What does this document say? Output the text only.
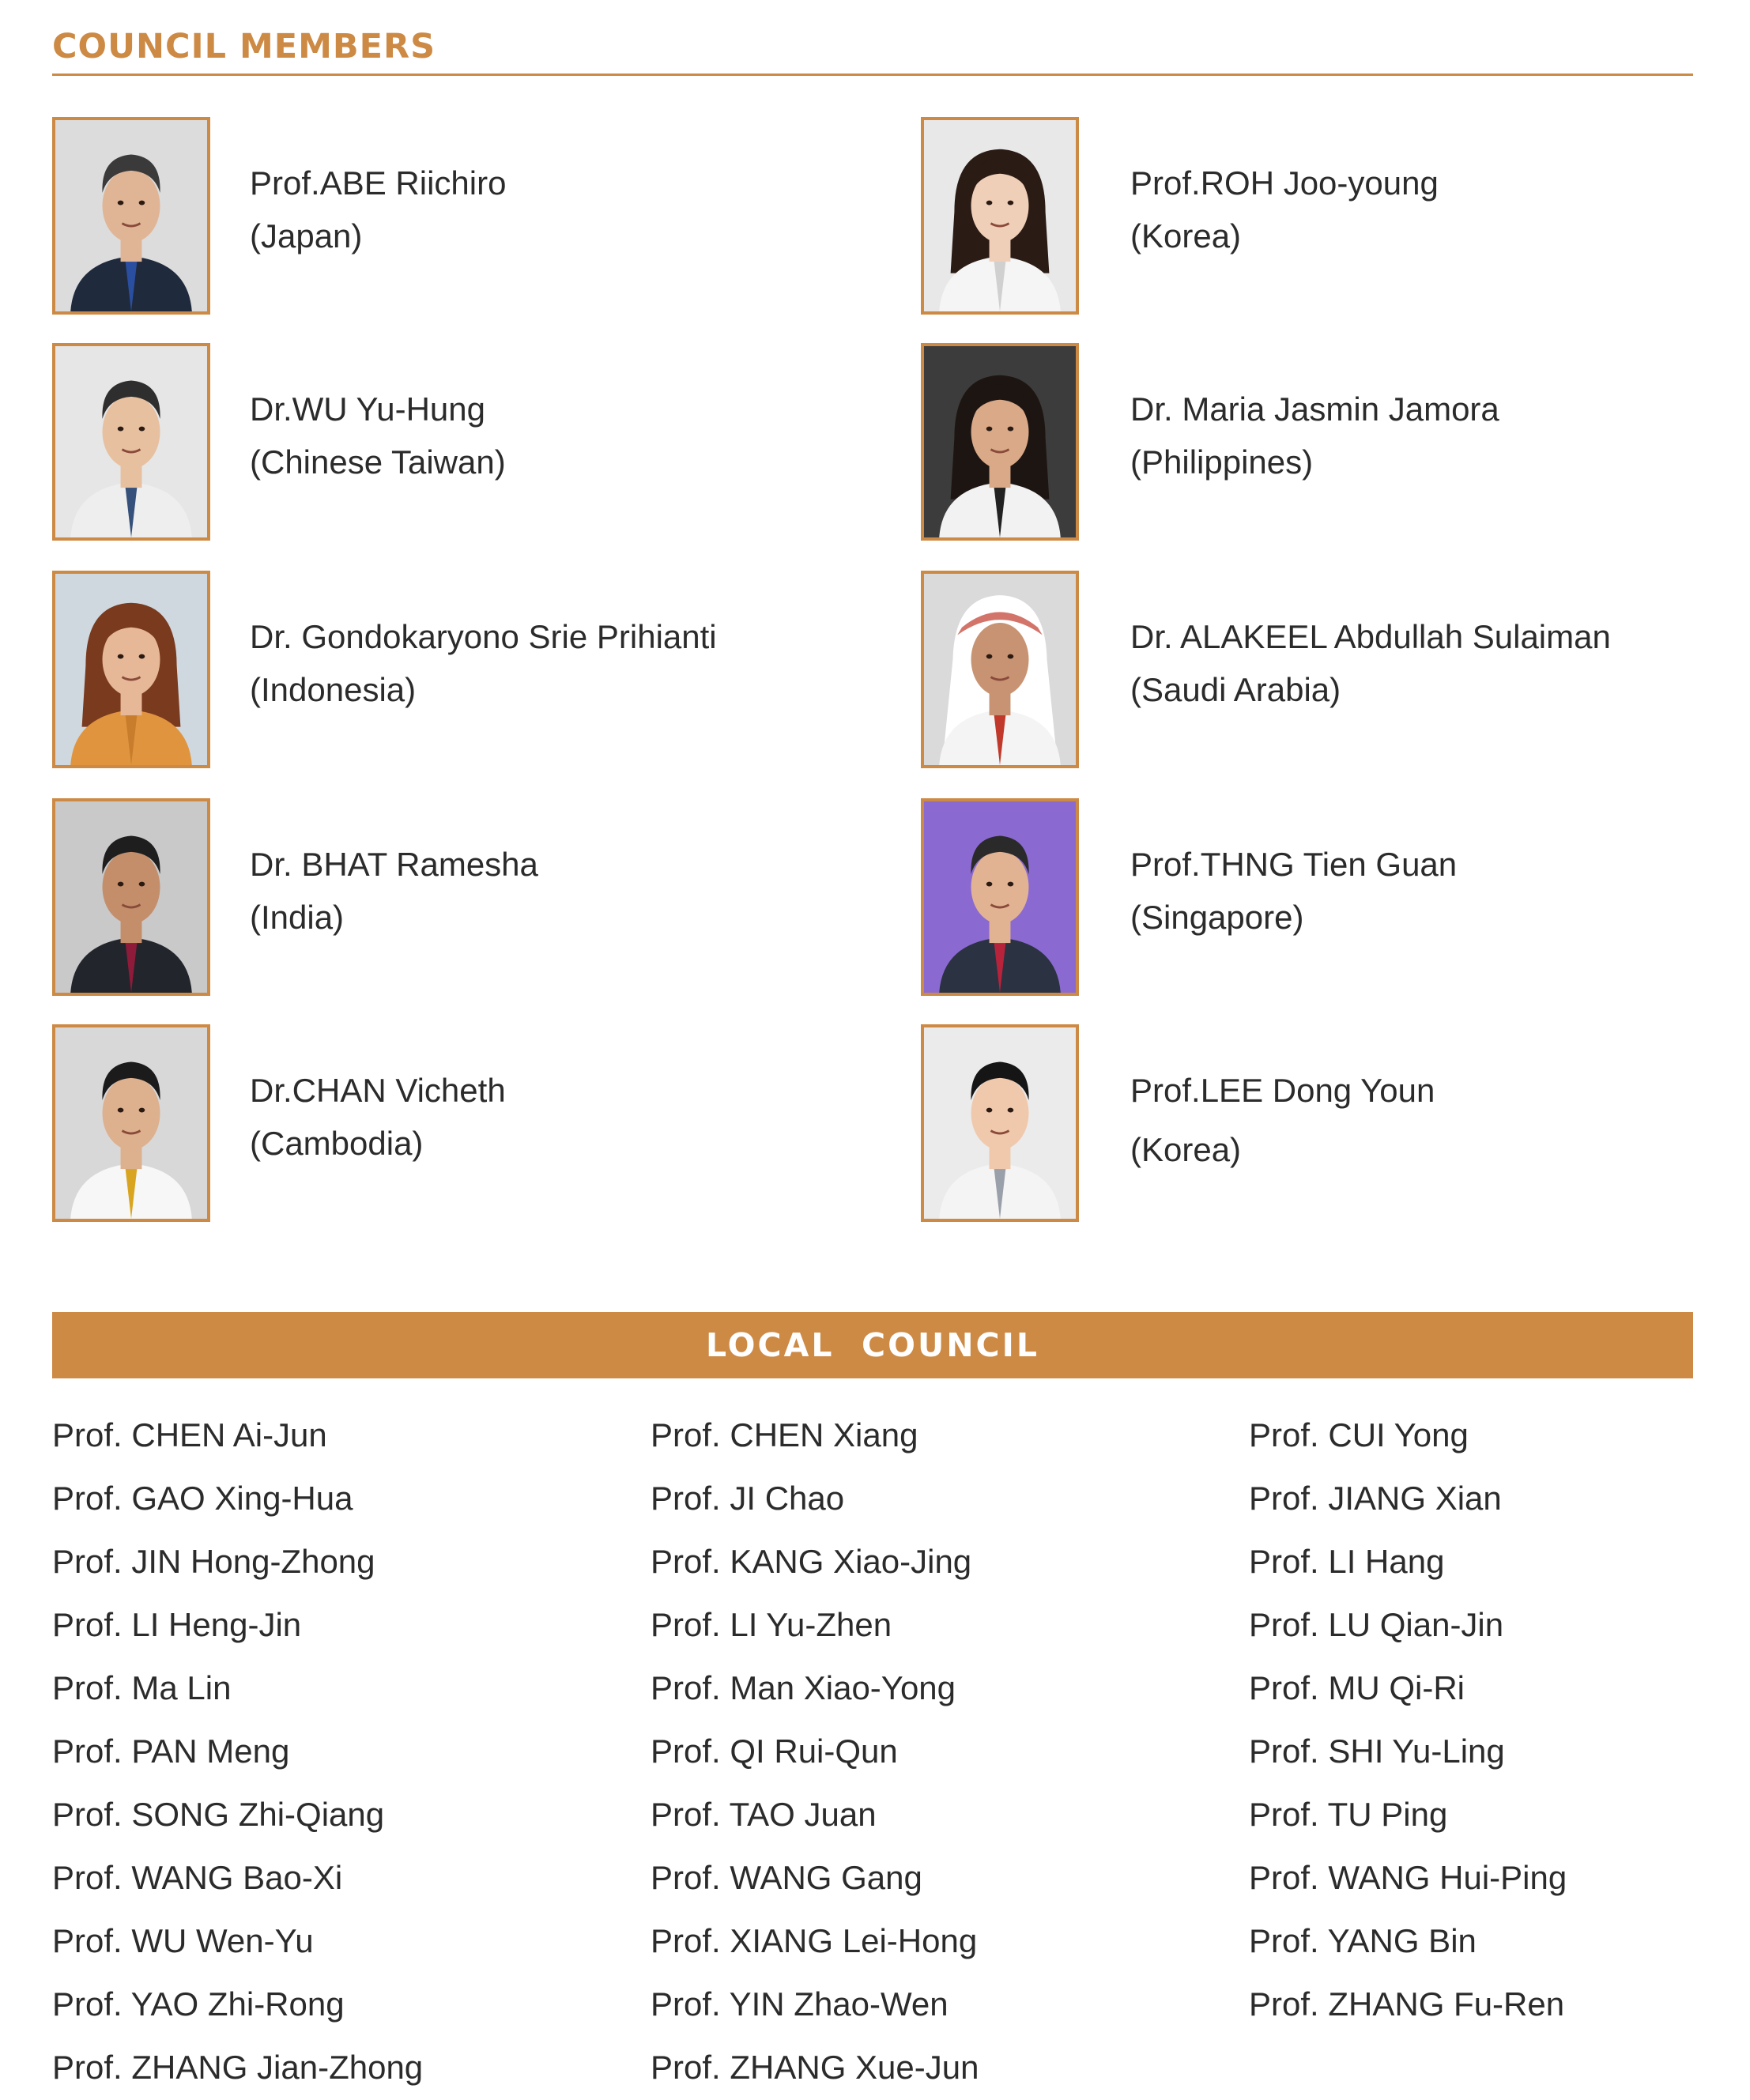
COUNCIL MEMBERS
Prof.ABE Riichiro
(Japan)
Prof.ROH Joo-young
(Korea)
Dr.WU Yu-Hung
(Chinese Taiwan)
Dr. Maria Jasmin Jamora
(Philippines)
Dr. Gondokaryono Srie Prihianti
(Indonesia)
Dr. ALAKEEL Abdullah Sulaiman
(Saudi Arabia)
Dr. BHAT Ramesha
(India)
Prof.THNG Tien Guan
(Singapore)
Dr.CHAN Vicheth
(Cambodia)
Prof.LEE Dong Youn
(Korea)
LOCAL  COUNCIL
Prof. CHEN Ai-Jun
Prof. GAO Xing-Hua
Prof. JIN Hong-Zhong
Prof. LI Heng-Jin
Prof. Ma Lin
Prof. PAN Meng
Prof. SONG Zhi-Qiang
Prof. WANG Bao-Xi
Prof. WU Wen-Yu
Prof. YAO Zhi-Rong
Prof. ZHANG Jian-Zhong
Prof. CHEN Xiang
Prof. JI Chao
Prof. KANG Xiao-Jing
Prof. LI Yu-Zhen
Prof. Man Xiao-Yong
Prof. QI Rui-Qun
Prof. TAO Juan
Prof. WANG Gang
Prof. XIANG Lei-Hong
Prof. YIN Zhao-Wen
Prof. ZHANG Xue-Jun
Prof. CUI Yong
Prof. JIANG Xian
Prof. LI Hang
Prof. LU Qian-Jin
Prof. MU Qi-Ri
Prof. SHI Yu-Ling
Prof. TU Ping
Prof. WANG Hui-Ping
Prof. YANG Bin
Prof. ZHANG Fu-Ren
